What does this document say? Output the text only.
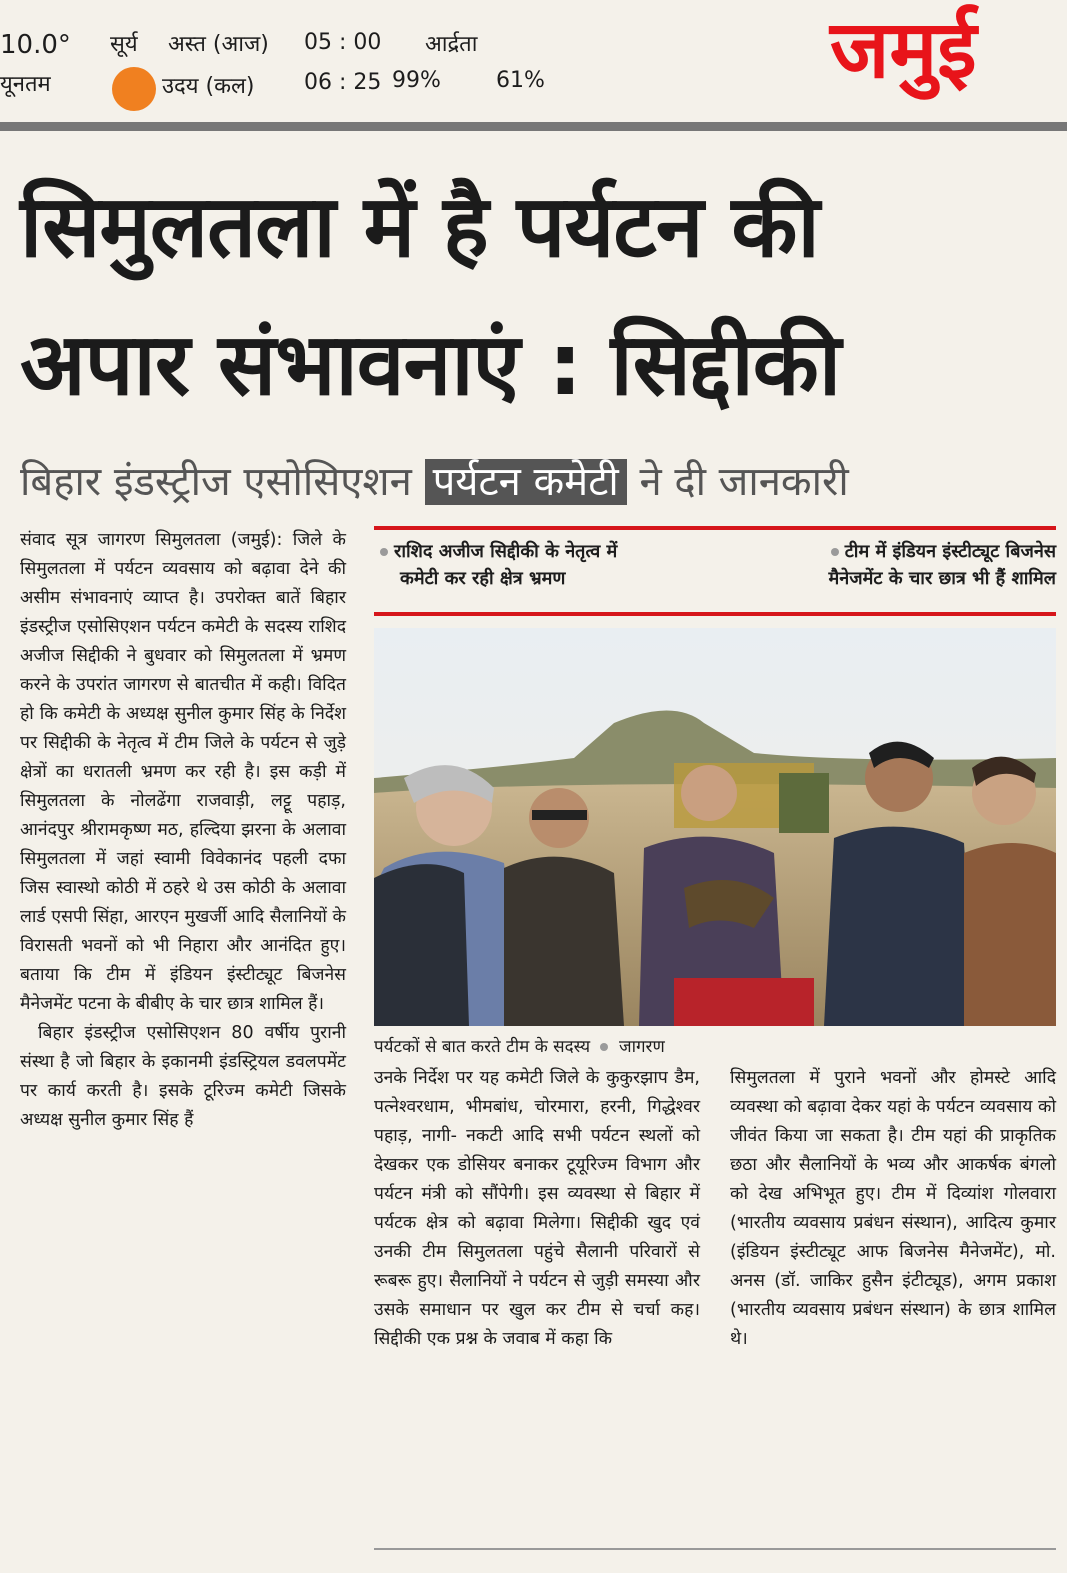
10.0°
यूनतम
सूर्य अस्त (आज) 05 : 00
उदय (कल) 06 : 25
आर्द्रता
99%	61%	जमुई
सिमुलतला में है पर्यटन की
अपार संभावनाएं : सिद्दीकी
बिहार इंडस्ट्रीज एसोसिएशन पर्यटन कमेटी ने दी जानकारी

संवाद सूत्र जागरण सिमुलतला (जमुई): जिले के सिमुलतला में पर्यटन व्यवसाय को बढ़ावा देने की असीम संभावनाएं व्याप्त है। उपरोक्त बातें बिहार इंडस्ट्रीज एसोसिएशन पर्यटन कमेटी के सदस्य राशिद अजीज सिद्दीकी ने बुधवार को सिमुलतला में भ्रमण करने के उपरांत जागरण से बातचीत में कही। विदित हो कि कमेटी के अध्यक्ष सुनील कुमार सिंह के निर्देश पर सिद्दीकी के नेतृत्व में टीम जिले के पर्यटन से जुड़े क्षेत्रों का धरातली भ्रमण कर रही है। इस कड़ी में सिमुलतला के नोलढेंगा राजवाड़ी, लट्टू पहाड़, आनंदपुर श्रीरामकृष्ण मठ, हल्दिया झरना के अलावा सिमुलतला में जहां स्वामी विवेकानंद पहली दफा जिस स्वास्थो कोठी में ठहरे थे उस कोठी के अलावा लार्ड एसपी सिंहा, आरएन मुखर्जी आदि सैलानियों के विरासती भवनों को भी निहारा और आनंदित हुए। बताया कि टीम में इंडियन इंस्टीट्यूट बिजनेस मैनेजमेंट पटना के बीबीए के चार छात्र शामिल हैं।

बिहार इंडस्ट्रीज एसोसिएशन 80 वर्षीय पुरानी संस्था है जो बिहार के इकानमी इंडस्ट्रियल डवलपमेंट पर कार्य करती है। इसके टूरिज्म कमेटी जिसके अध्यक्ष सुनील कुमार सिंह हैं

राशिद अजीज सिद्दीकी के नेतृत्व में
कमेटी कर रही क्षेत्र भ्रमण
टीम में इंडियन इंस्टीट्यूट बिजनेस
मैनेजमेंट के चार छात्र भी हैं शामिल
पर्यटकों से बात करते टीम के सदस्य जागरण

उनके निर्देश पर यह कमेटी जिले के कुकुरझाप डैम, पत्नेश्वरधाम, भीमबांध, चोरमारा, हरनी, गिद्धेश्वर पहाड़, नागी- नकटी आदि सभी पर्यटन स्थलों को देखकर एक डोसियर बनाकर टूयूरिज्म विभाग और पर्यटन मंत्री को सौंपेगी। इस व्यवस्था से बिहार में पर्यटक क्षेत्र को बढ़ावा मिलेगा। सिद्दीकी खुद एवं उनकी टीम सिमुलतला पहुंचे सैलानी परिवारों से रूबरू हुए। सैलानियों ने पर्यटन से जुड़ी समस्या और उसके समाधान पर खुल कर टीम से चर्चा कह। सिद्दीकी एक प्रश्न के जवाब में कहा कि

सिमुलतला में पुराने भवनों और होमस्टे आदि व्यवस्था को बढ़ावा देकर यहां के पर्यटन व्यवसाय को जीवंत किया जा सकता है। टीम यहां की प्राकृतिक छठा और सैलानियों के भव्य और आकर्षक बंगलो को देख अभिभूत हुए। टीम में दिव्यांश गोलवारा (भारतीय व्यवसाय प्रबंधन संस्थान), आदित्य कुमार (इंडियन इंस्टीट्यूट आफ बिजनेस मैनेजमेंट), मो. अनस (डॉ. जाकिर हुसैन इंटीट्यूड), अगम प्रकाश (भारतीय व्यवसाय प्रबंधन संस्थान) के छात्र शामिल थे।
